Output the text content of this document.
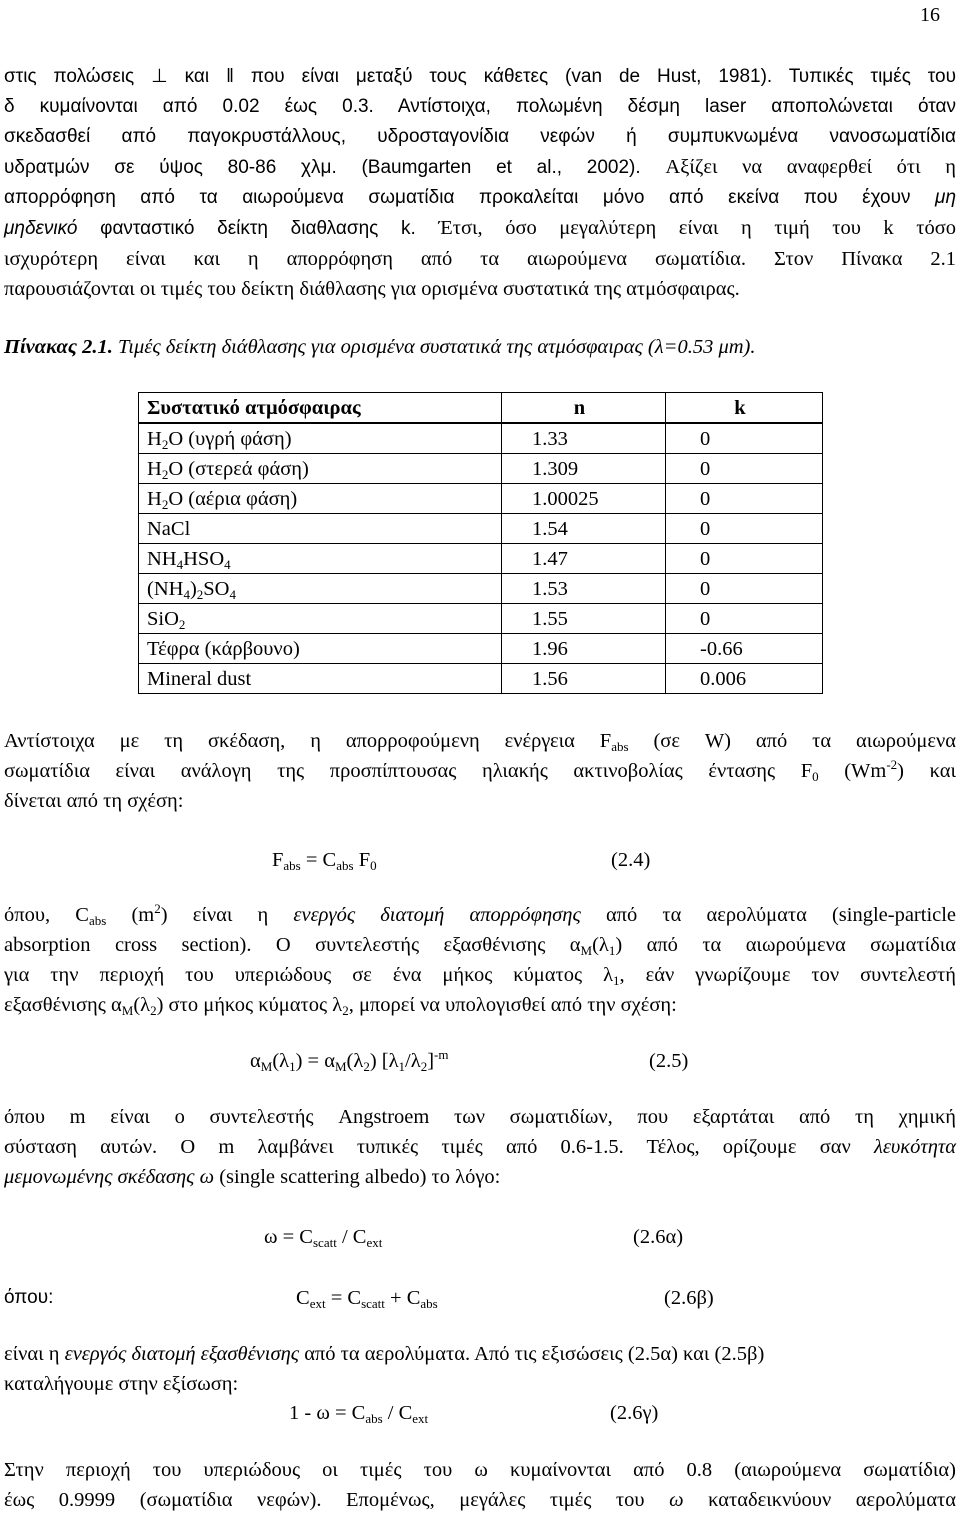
16
στις πολώσεις ⊥ και ‖ που είναι μεταξύ τους κάθετες (van de Hust, 1981). Τυπικές τιμές του
δ κυμαίνονται από 0.02 έως 0.3. Αντίστοιχα, πολωμένη δέσμη laser αποπολώνεται όταν
σκεδασθεί από παγοκρυστάλλους, υδροσταγονίδια νεφών ή συμπυκνωμένα νανοσωματίδια
υδρατμών σε ύψος 80-86 χλμ. (Baumgarten et al., 2002). Αξίζει να αναφερθεί ότι η
απορρόφηση από τα αιωρούμενα σωματίδια προκαλείται μόνο από εκείνα που έχουν μη
μηδενικό φανταστικό δείκτη διαθλασης k. Έτσι, όσο μεγαλύτερη είναι η τιμή του k τόσο
ισχυρότερη είναι και η απορρόφηση από τα αιωρούμενα σωματίδια. Στον Πίνακα 2.1
παρουσιάζονται οι τιμές του δείκτη διάθλασης για ορισμένα συστατικά της ατμόσφαιρας.
Πίνακας 2.1. Τιμές δείκτη διάθλασης για ορισμένα συστατικά της ατμόσφαιρας (λ=0.53 μm).
Συστατικό ατμόσφαιρας	n	k
$H_2O$ (υγρή φάση)	1.33	0
$H_2O$ (στερεά φάση)	1.309	0
$H_2O$ (αέρια φάση)	1.00025	0
NaCl	1.54	0
$NH_4HSO_4$	1.47	0
$(NH_4)_2SO_4$	1.53	0
SiO$_2$	1.55	0
Τέφρα (κάρβουνο)	1.96	-0.66
Mineral dust	1.56	0.006
Αντίστοιχα με τη σκέδαση, η απορροφούμενη ενέργεια $F_{abs}$ (σε W) από τα αιωρούμενα
σωματίδια είναι ανάλογη της προσπίπτουσας ηλιακής ακτινοβολίας έντασης $F_0$ $(Wm^{-2})$ και
δίνεται από τη σχέση:
$F_{abs} = C_{abs}$ $F_0$	(2.4)
όπου, $C_{abs}$ $(m^2)$ είναι η ενεργός διατομή απορρόφησης από τα αερολύματα (single-particle
absorption cross section). Ο συντελεστής εξασθένισης $\alpha_M(\lambda_1)$ από τα αιωρούμενα σωματίδια
για την περιοχή του υπεριώδους σε ένα μήκος κύματος $\lambda_1$, εάν γνωρίζουμε τον συντελεστή
εξασθένισης $\alpha_M(\lambda_2)$ στο μήκος κύματος $\lambda_2$, μπορεί να υπολογισθεί από την σχέση:
$\alpha_M(\lambda_1) = \alpha_M(\lambda_2)$ $[\lambda_1/\lambda_2]^{-m}$	(2.5)
όπου m είναι ο συντελεστής Angstroem των σωματιδίων, που εξαρτάται από τη χημική
σύσταση αυτών. Ο m λαμβάνει τυπικές τιμές από 0.6-1.5. Τέλος, ορίζουμε σαν λευκότητα
μεμονωμένης σκέδασης ω (single scattering albedo) το λόγο:
$\omega = C_{scatt} / C_{ext}$	(2.6α)
όπου:	$C_{ext} = C_{scatt} + C_{abs}$	(2.6β)
είναι η ενεργός διατομή εξασθένισης από τα αερολύματα. Από τις εξισώσεις (2.5α) και (2.5β)
καταλήγουμε στην εξίσωση:
$1 - \omega = C_{abs} / C_{ext}$	(2.6γ)
Στην περιοχή του υπεριώδους οι τιμές του ω κυμαίνονται από 0.8 (αιωρούμενα σωματίδια)
έως 0.9999 (σωματίδια νεφών). Επομένως, μεγάλες τιμές του ω καταδεικνύουν αερολύματα
